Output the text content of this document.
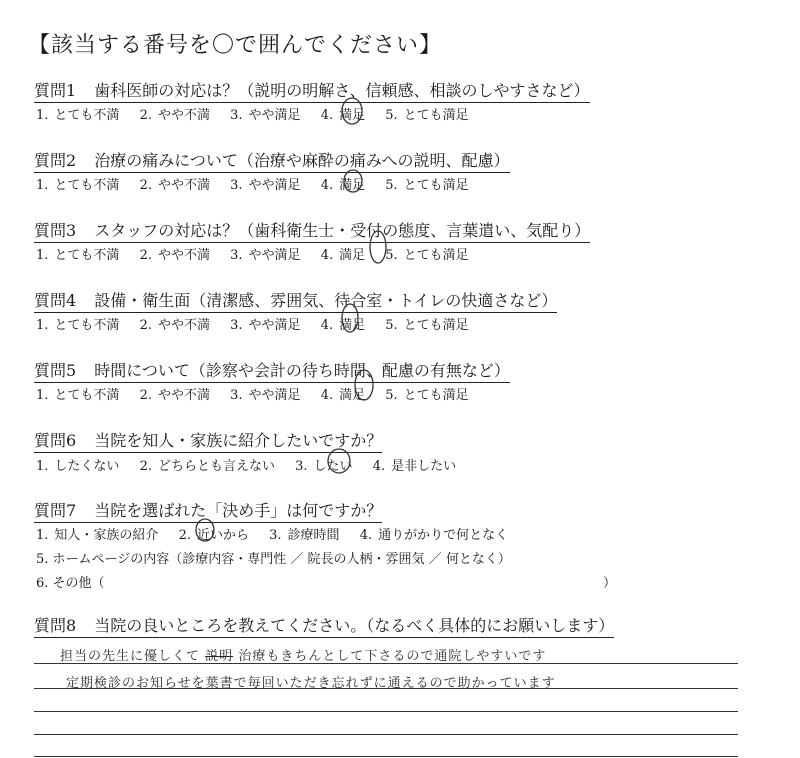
【該当する番号を〇で囲んでください】
質問1 歯科医師の対応は？（説明の明解さ、信頼感、相談のしやすさなど）
1. とても不満 2. やや不満 3. やや満足 4. 満足 5. とても満足
質問2 治療の痛みについて（治療や麻酔の痛みへの説明、配慮）
1. とても不満 2. やや不満 3. やや満足 4. 満足 5. とても満足
質問3 スタッフの対応は？（歯科衛生士・受付の態度、言葉遣い、気配り）
1. とても不満 2. やや不満 3. やや満足 4. 満足 5. とても満足
質問4 設備・衛生面（清潔感、雰囲気、待合室・トイレの快適さなど）
1. とても不満 2. やや不満 3. やや満足 4. 満足 5. とても満足
質問5 時間について（診察や会計の待ち時間、配慮の有無など）
1. とても不満 2. やや不満 3. やや満足 4. 満足 5. とても満足
質問6 当院を知人・家族に紹介したいですか？
1. したくない 2. どちらとも言えない 3. したい 4. 是非したい
質問7 当院を選ばれた「決め手」は何ですか？
1. 知人・家族の紹介 2. 近いから 3. 診療時間 4. 通りがかりで何となく
5. ホームページの内容（診療内容・専門性 ／ 院長の人柄・雰囲気 ／ 何となく）
6. その他（	）
質問8 当院の良いところを教えてください。（なるべく具体的にお願いします）
担当の先生に優しくて 説明 治療もきちんとして下さるので通院しやすいです
定期検診のお知らせを葉書で毎回いただき忘れずに通えるので助かっています
